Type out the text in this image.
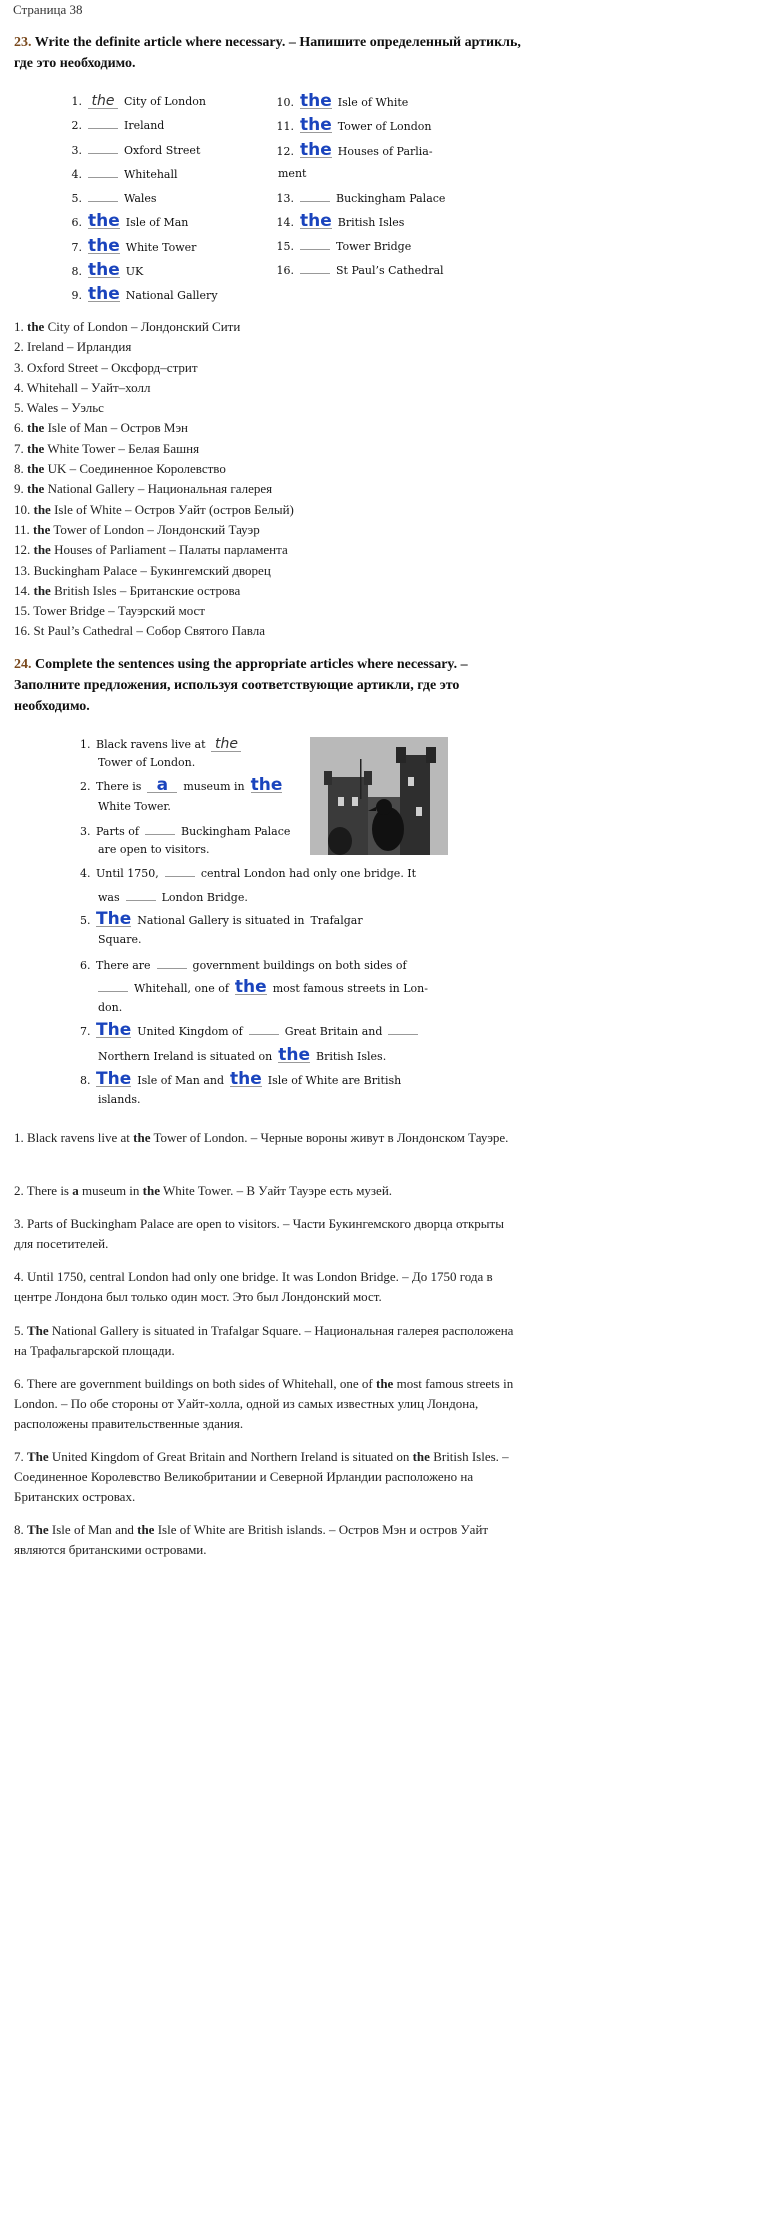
Страница 38
23. Write the definite article where necessary. – Напишите определенный артикль, где это необходимо.
1. the City of London
2.	Ireland
3.	Oxford Street
4.	Whitehall
5.	Wales
6. the Isle of Man
7. the White Tower
8. the UK
9. the National Gallery
10. the Isle of White
11. the Tower of London
12. the Houses of Parlia-
ment
13.	Buckingham Palace
14. the British Isles
15.	Tower Bridge
16.	St Paul’s Cathedral

1. the City of London – Лондонский Сити

2. Ireland – Ирландия

3. Oxford Street – Оксфорд–стрит

4. Whitehall – Уайт–холл

5. Wales – Уэльс

6. the Isle of Man – Остров Мэн

7. the White Tower – Белая Башня

8. the UK – Соединенное Королевство

9. the National Gallery – Национальная галерея

10. the Isle of White – Остров Уайт (остров Белый)

11. the Tower of London – Лондонский Тауэр

12. the Houses of Parliament – Палаты парламента

13. Buckingham Palace – Букингемский дворец

14. the British Isles – Британские острова

15. Tower Bridge – Тауэрский мост

16. St Paul’s Cathedral – Собор Святого Павла

24. Complete the sentences using the appropriate articles where necessary. – Заполните предложения, используя соответствующие артикли, где это необходимо.
1. Black ravens live at the
Tower of London.
2. There is a museum in the
White Tower.
3. Parts of	Buckingham Palace
are open to visitors.
4. Until 1750,	central London had only one bridge. It
was	London Bridge.
5. The National Gallery is situated in Trafalgar
Square.
6. There are	government buildings on both sides of
Whitehall, one of the most famous streets in Lon-
don.
7. The United Kingdom of	Great Britain and
Northern Ireland is situated on the British Isles.
8. The Isle of Man and the Isle of White are British
islands.

1. Black ravens live at the Tower of London. – Черные вороны живут в Лондонском Тауэре.

2. There is a museum in the White Tower. – В Уайт Тауэре есть музей.

3. Parts of Buckingham Palace are open to visitors. – Части Букингемского дворца открыты для посетителей.

4. Until 1750, central London had only one bridge. It was London Bridge. – До 1750 года в центре Лондона был только один мост. Это был Лондонский мост.

5. The National Gallery is situated in Trafalgar Square. – Национальная галерея расположена на Трафальгарской площади.

6. There are government buildings on both sides of Whitehall, one of the most famous streets in London. – По обе стороны от Уайт-холла, одной из самых известных улиц Лондона, расположены правительственные здания.

7. The United Kingdom of Great Britain and Northern Ireland is situated on the British Isles. – Соединенное Королевство Великобритании и Северной Ирландии расположено на Британских островах.

8. The Isle of Man and the Isle of White are British islands. – Остров Мэн и остров Уайт являются британскими островами.
